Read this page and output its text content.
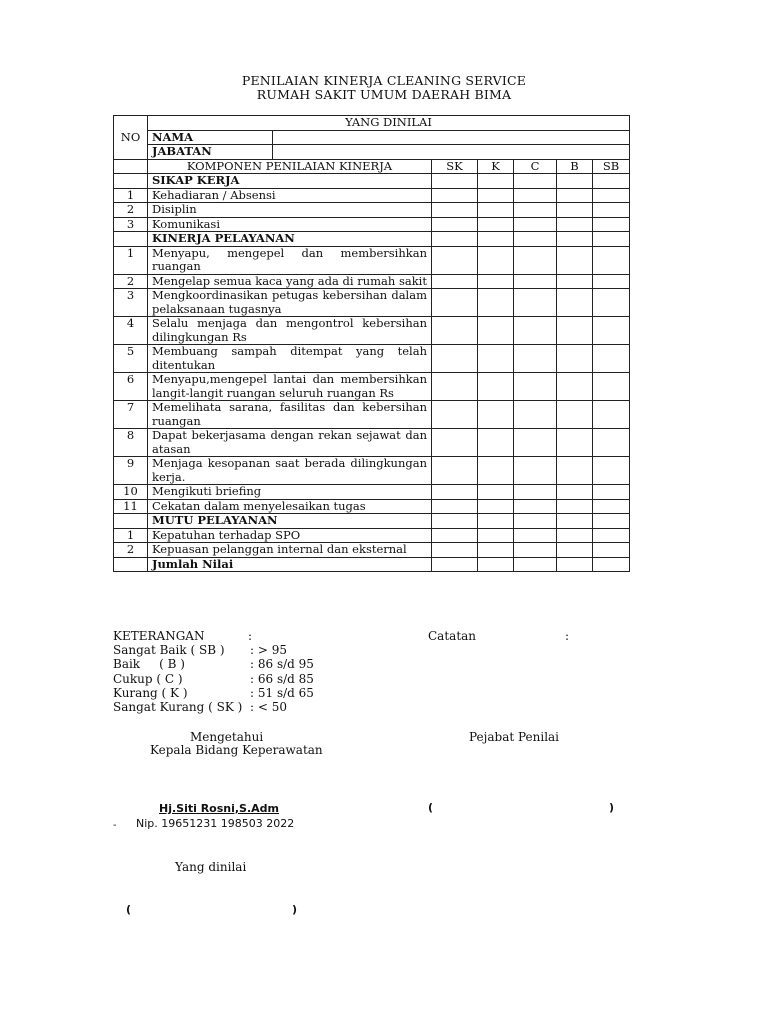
PENILAIAN KINERJA CLEANING SERVICE
RUMAH SAKIT UMUM DAERAH BIMA
NO	YANG DINILAI						
	NAMA						
	JABATAN						
	KOMPONEN PENILAIAN KINERJA		SK	K	C	B	SB
	SIKAP KERJA						
1	Kehadiaran / Absensi						
2	Disiplin						
3	Komunikasi						
	KINERJA PELAYANAN						
1	Menyapu, mengepel dan membersihkan ruangan						
2	Mengelap semua kaca yang ada di rumah sakit						
3	Mengkoordinasikan petugas kebersihan dalam pelaksanaan tugasnya						
4	Selalu menjaga dan mengontrol kebersihan dilingkungan Rs						
5	Membuang sampah ditempat yang telah ditentukan						
6	Menyapu,mengepel lantai dan membersihkan langit-langit ruangan seluruh ruangan Rs						
7	Memelihata sarana, fasilitas dan kebersihan ruangan						
8	Dapat bekerjasama dengan rekan sejawat dan atasan						
9	Menjaga kesopanan saat berada dilingkungan kerja.						
10	Mengikuti briefing						
11	Cekatan dalam menyelesaikan tugas						
	MUTU PELAYANAN						
1	Kepatuhan terhadap SPO						
2	Kepuasan pelanggan internal dan eksternal						
	Jumlah Nilai						
KETERANGAN	:	Catatan	:
Sangat Baik ( SB ) : > 95
Baik     ( B )	: 86 s/d 95
Cukup ( C )	: 66 s/d 85
Kurang ( K )	: 51 s/d 65
Sangat Kurang ( SK ) : < 50
Mengetahui
Kepala Bidang Keperawatan
Pejabat Penilai
Hj.Siti Rosni,S.Adm	(	)
- Nip. 19651231 198503 2022
Yang dinilai
(	)
